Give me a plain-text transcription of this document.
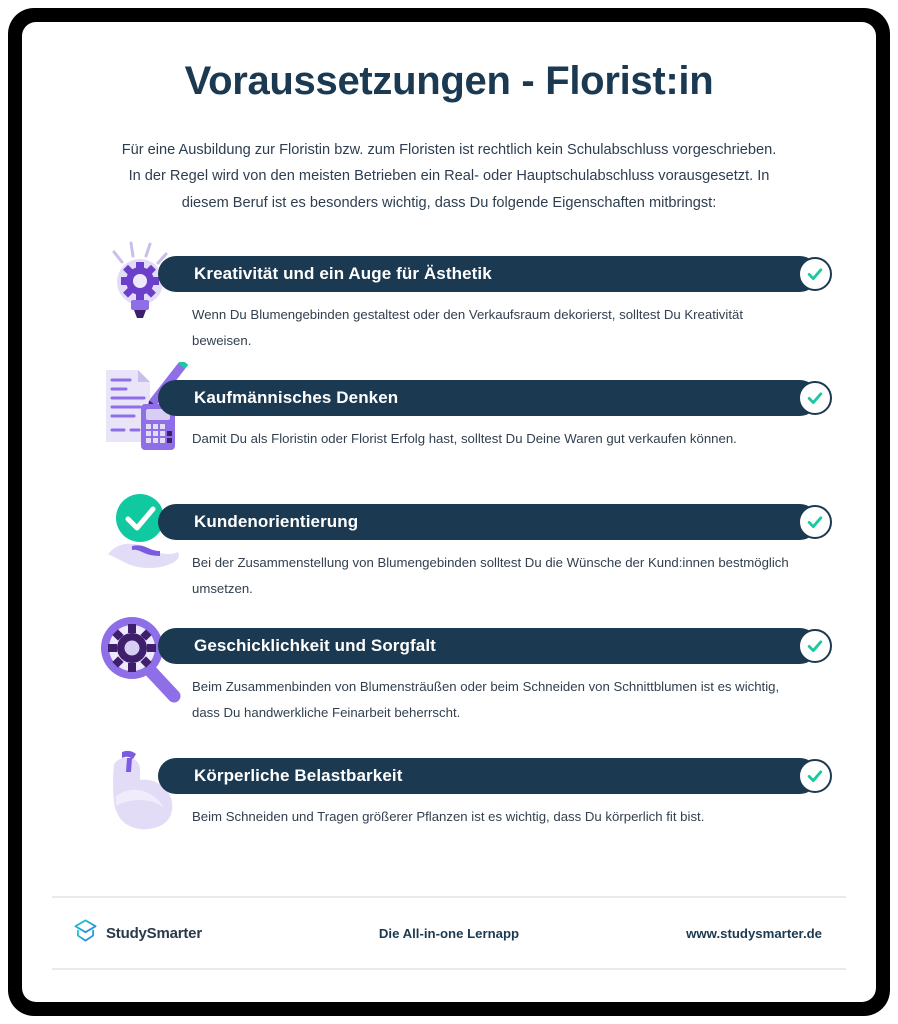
Voraussetzungen - Florist:in

Für eine Ausbildung zur Floristin bzw. zum Floristen ist rechtlich kein Schulabschluss vorgeschrieben. In der Regel wird von den meisten Betrieben ein Real- oder Hauptschulabschluss vorausgesetzt. In diesem Beruf ist es besonders wichtig, dass Du folgende Eigenschaften mitbringst:

Kreativität und ein Auge für Ästhetik
Wenn Du Blumengebinden gestaltest oder den Verkaufsraum dekorierst, solltest Du Kreativität beweisen.
Kaufmännisches Denken
Damit Du als Floristin oder Florist Erfolg hast, solltest Du Deine Waren gut verkaufen können.
Kundenorientierung
Bei der Zusammenstellung von Blumengebinden solltest Du die Wünsche der Kund:innen bestmöglich umsetzen.
Geschicklichkeit und Sorgfalt
Beim Zusammenbinden von Blumensträußen oder beim Schneiden von Schnittblumen ist es wichtig, dass Du handwerkliche Feinarbeit beherrscht.
Körperliche Belastbarkeit
Beim Schneiden und Tragen größerer Pflanzen ist es wichtig, dass Du körperlich fit bist.
StudySmarter	Die All-in-one Lernapp	www.studysmarter.de
